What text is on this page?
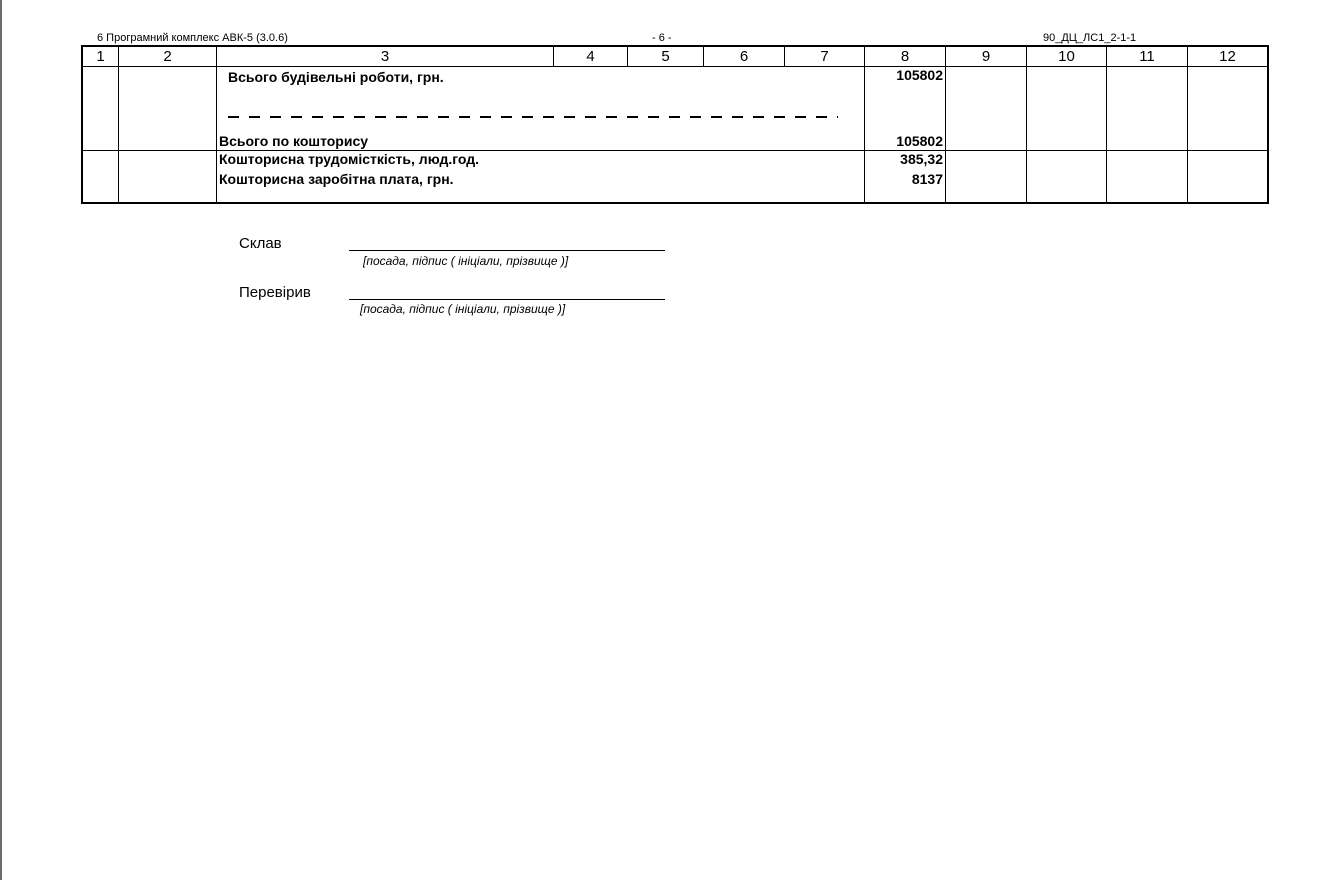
6 Програмний комплекс АВК-5 (3.0.6)	- 6 -	90_ДЦ_ЛС1_2-1-1
1	2	3	4	5	6	7	8	9	10	11	12
Всього будівельні роботи, грн.	105802
Всього по кошторису	105802
Кошторисна трудомісткість, люд.год.	385,32
Кошторисна заробітна плата, грн.	8137
Склав
[посада, підпис ( ініціали, прізвище )]
Перевірив
[посада, підпис ( ініціали, прізвище )]
